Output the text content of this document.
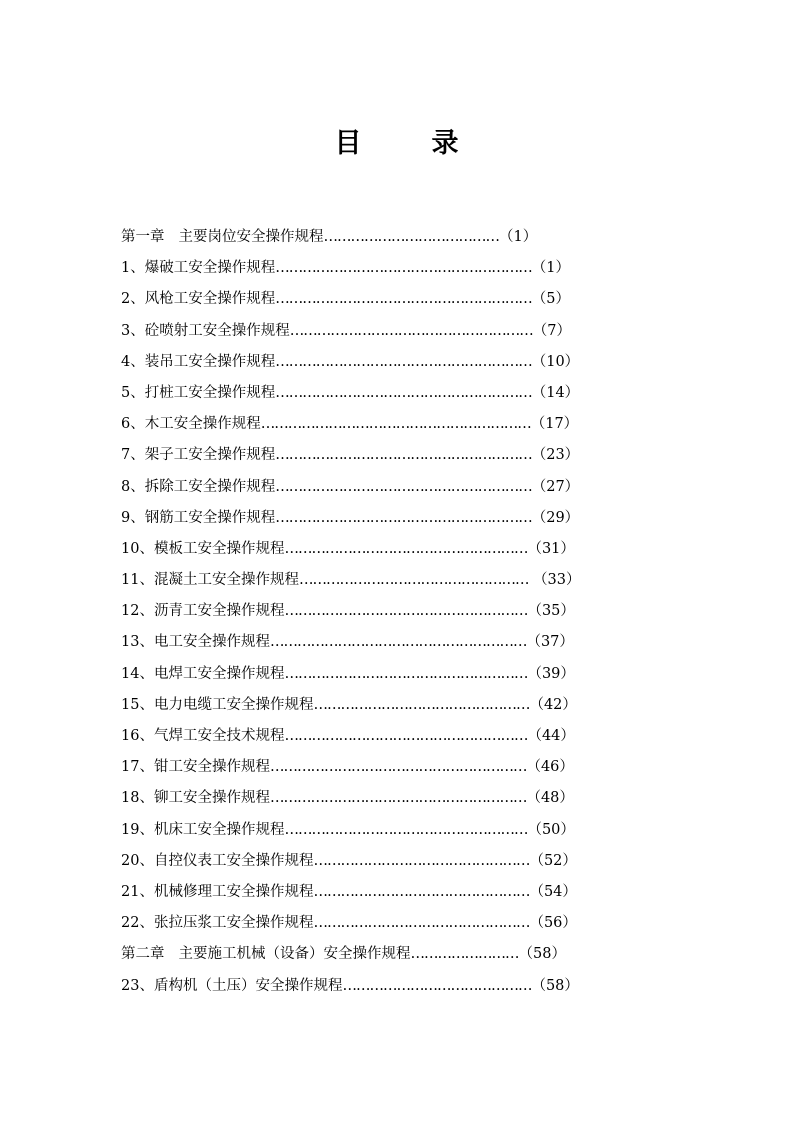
目	录
第一章 主要岗位安全操作规程…………………………………（1）
1、爆破工安全操作规程…………………………………………………（1）
2、风枪工安全操作规程…………………………………………………（5）
3、砼喷射工安全操作规程………………………………………………（7）
4、装吊工安全操作规程…………………………………………………（10）
5、打桩工安全操作规程…………………………………………………（14）
6、木工安全操作规程……………………………………………………（17）
7、架子工安全操作规程…………………………………………………（23）
8、拆除工安全操作规程…………………………………………………（27）
9、钢筋工安全操作规程…………………………………………………（29）
10、模板工安全操作规程………………………………………………（31）
11、混凝土工安全操作规程…………………………………………… （33）
12、沥青工安全操作规程………………………………………………（35）
13、电工安全操作规程…………………………………………………（37）
14、电焊工安全操作规程………………………………………………（39）
15、电力电缆工安全操作规程…………………………………………（42）
16、气焊工安全技术规程………………………………………………（44）
17、钳工安全操作规程…………………………………………………（46）
18、铆工安全操作规程…………………………………………………（48）
19、机床工安全操作规程………………………………………………（50）
20、自控仪表工安全操作规程…………………………………………（52）
21、机械修理工安全操作规程…………………………………………（54）
22、张拉压浆工安全操作规程…………………………………………（56）
第二章 主要施工机械（设备）安全操作规程……………………（58）
23、盾构机（土压）安全操作规程……………………………………（58）
